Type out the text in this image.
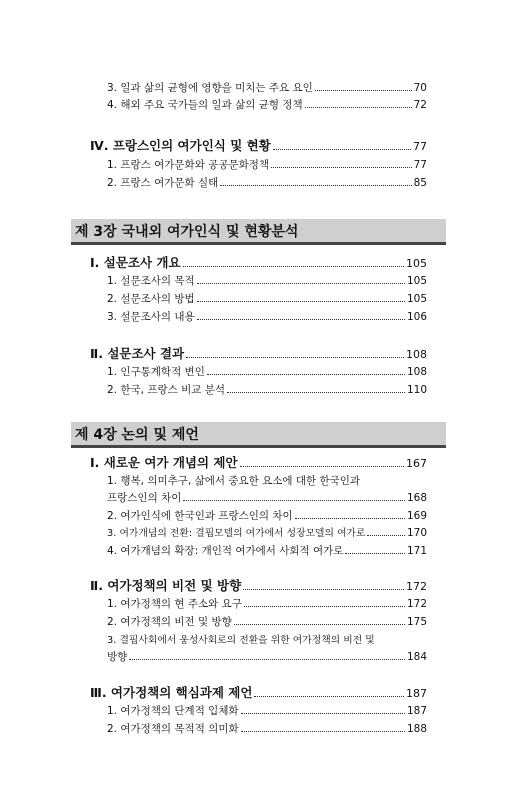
3. 일과 삶의 균형에 영향을 미치는 주요 요인	70
4. 해외 주요 국가들의 일과 삶의 균형 정책	72
Ⅳ. 프랑스인의 여가인식 및 현황	77
1. 프랑스 여가문화와 공공문화정책	77
2. 프랑스 여가문화 실태	85
제 3장 국내외 여가인식 및 현황분석
Ⅰ. 설문조사 개요	105
1. 설문조사의 목적	105
2. 설문조사의 방법	105
3. 설문조사의 내용	106
Ⅱ. 설문조사 결과	108
1. 인구통계학적 변인	108
2. 한국, 프랑스 비교 분석	110
제 4장 논의 및 제언
Ⅰ. 새로운 여가 개념의 제안	167
1. 행복, 의미추구, 삶에서 중요한 요소에 대한 한국인과
프랑스인의 차이	168
2. 여가인식에 한국인과 프랑스인의 차이	169
3. 여가개념의 전환: 결핍모델의 여가에서 성장모델의 여가로	170
4. 여가개념의 확장: 개인적 여가에서 사회적 여가로	171
Ⅱ. 여가정책의 비전 및 방향	172
1. 여가정책의 현 주소와 요구	172
2. 여가정책의 비전 및 방향	175
3. 결핍사회에서 웅성사회로의 전환을 위한 여가정책의 비전 및
방향	184
Ⅲ. 여가정책의 핵심과제 제언	187
1. 여가정책의 단계적 입체화	187
2. 여가정책의 목적적 의미화	188
